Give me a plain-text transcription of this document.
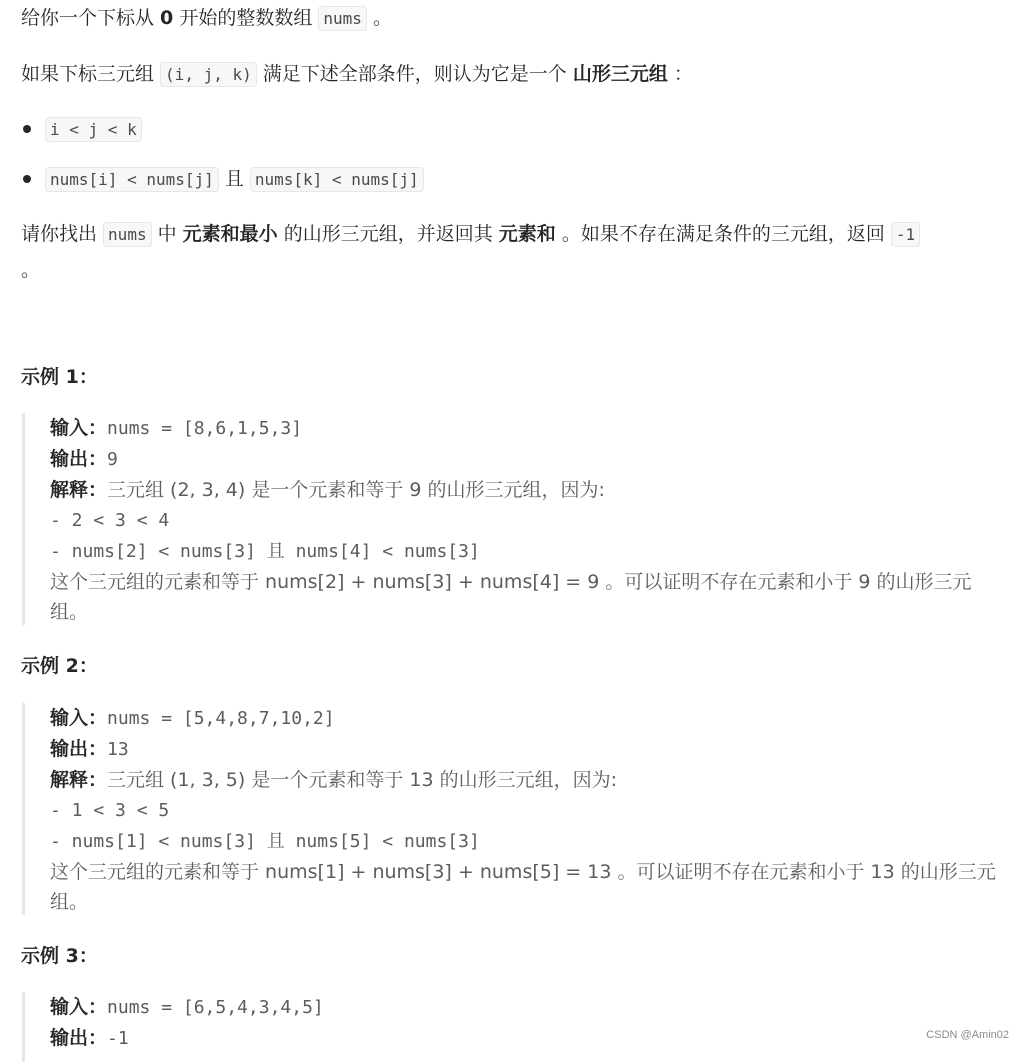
给你一个下标从 0 开始的整数数组 nums 。

如果下标三元组 (i, j, k) 满足下述全部条件，则认为它是一个 山形三元组 ：

i < j < k
nums[i] < nums[j] 且 nums[k] < nums[j]

请你找出 nums 中 元素和最小 的山形三元组，并返回其 元素和 。如果不存在满足条件的三元组，返回 -1
。

示例 1：

输入：nums = [8,6,1,5,3]
输出：9
解释：三元组 (2, 3, 4) 是一个元素和等于 9 的山形三元组，因为:
- 2 < 3 < 4
- nums[2] < nums[3] 且 nums[4] < nums[3]
这个三元组的元素和等于 nums[2] + nums[3] + nums[4] = 9 。可以证明不存在元素和小于 9 的山形三元组。

示例 2：

输入：nums = [5,4,8,7,10,2]
输出：13
解释：三元组 (1, 3, 5) 是一个元素和等于 13 的山形三元组，因为:
- 1 < 3 < 5
- nums[1] < nums[3] 且 nums[5] < nums[3]
这个三元组的元素和等于 nums[1] + nums[3] + nums[5] = 13 。可以证明不存在元素和小于 13 的山形三元组。

示例 3：

输入：nums = [6,5,4,3,4,5]
输出：-1	CSDN @Amin02
